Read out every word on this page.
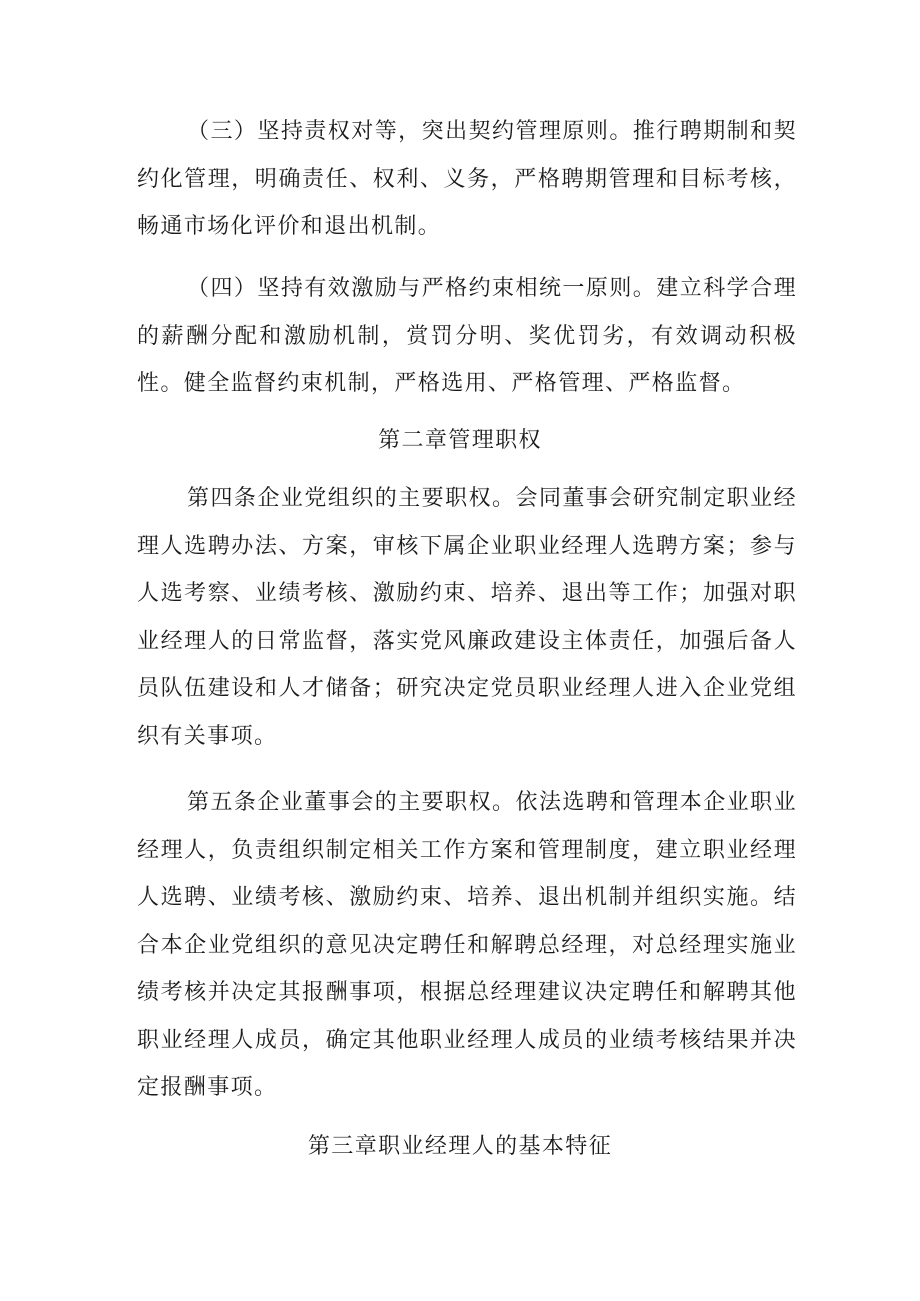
（三）坚持责权对等，突出契约管理原则。推行聘期制和契约化管理，明确责任、权利、义务，严格聘期管理和目标考核，畅通市场化评价和退出机制。

（四）坚持有效激励与严格约束相统一原则。建立科学合理的薪酬分配和激励机制，赏罚分明、奖优罚劣，有效调动积极性。健全监督约束机制，严格选用、严格管理、严格监督。

第二章管理职权

第四条企业党组织的主要职权。会同董事会研究制定职业经理人选聘办法、方案，审核下属企业职业经理人选聘方案；参与人选考察、业绩考核、激励约束、培养、退出等工作；加强对职业经理人的日常监督，落实党风廉政建设主体责任，加强后备人员队伍建设和人才储备；研究决定党员职业经理人进入企业党组织有关事项。

第五条企业董事会的主要职权。依法选聘和管理本企业职业经理人，负责组织制定相关工作方案和管理制度，建立职业经理人选聘、业绩考核、激励约束、培养、退出机制并组织实施。结合本企业党组织的意见决定聘任和解聘总经理，对总经理实施业绩考核并决定其报酬事项，根据总经理建议决定聘任和解聘其他职业经理人成员，确定其他职业经理人成员的业绩考核结果并决定报酬事项。

第三章职业经理人的基本特征
